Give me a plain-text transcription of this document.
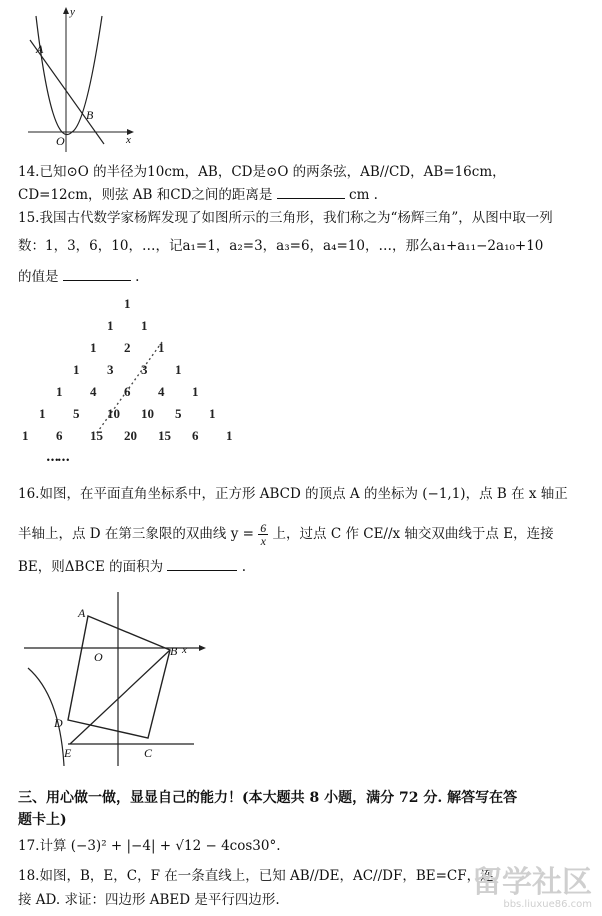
y
A
B
O	x
14.已知⊙O 的半径为10cm，AB，CD是⊙O 的两条弦，AB//CD，AB=16cm，
CD=12cm，则弦 AB 和CD之间的距离是	cm .
15.我国古代数学家杨辉发现了如图所示的三角形，我们称之为“杨辉三角”，从图中取一列
数：1，3，6，10，…，记a₁=1，a₂=3，a₃=6，a₄=10，…，那么a₁+a₁₁−2a₁₀+10
的值是	.
……
1
1 1
1 2 1
1 3 3 1
1 4 6 4 1
1 5 10 10 5 1
1 6 15 20 15 6 1
16.如图，在平面直角坐标系中，正方形 ABCD 的顶点 A 的坐标为 (−1,1)，点 B 在 x 轴正
半轴上，点 D 在第三象限的双曲线 $y = \frac{6}{x}$ 上，过点 C 作 CE//x 轴交双曲线于点 E，连接
BE，则ΔBCE 的面积为	.
A
O	B x
D
E	C
三、用心做一做，显显自己的能力！(本大题共 8 小题，满分 72 分. 解答写在答
题卡上)
17.计算 (−3)² + |−4| + √12 − 4cos30°.
18.如图，B，E，C，F 在一条直线上，已知 AB//DE，AC//DF，BE=CF，连
接 AD. 求证：四边形 ABED 是平行四边形.	留学社区
bbs.liuxue86.com
